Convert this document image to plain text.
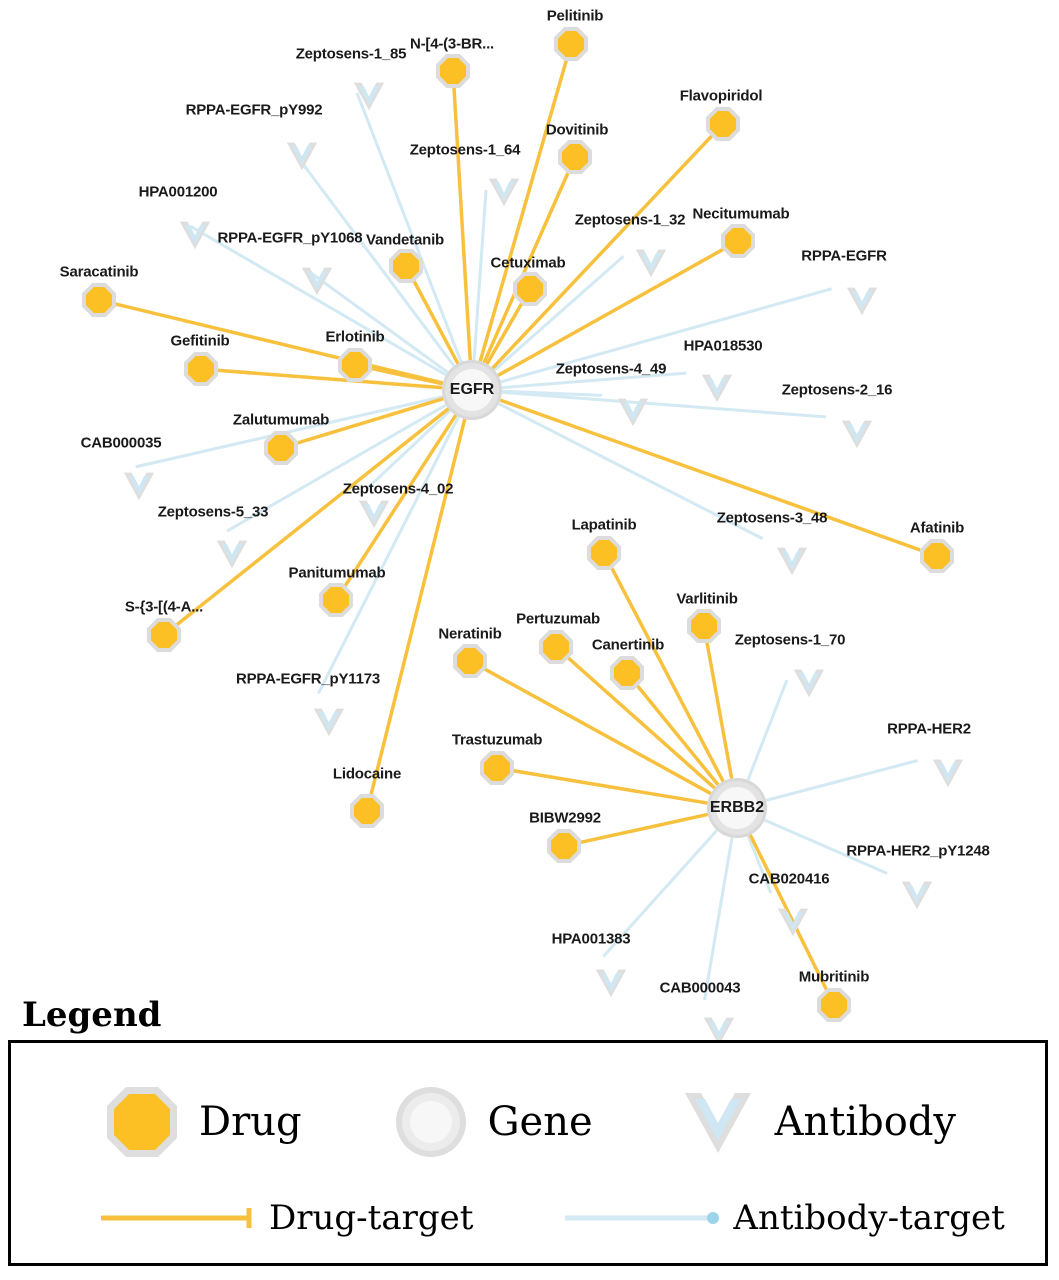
Zeptosens-1_85
RPPA-EGFR_pY992
Zeptosens-1_64
HPA001200
Zeptosens-1_32
RPPA-EGFR_pY1068
RPPA-EGFR
HPA018530
Zeptosens-4_49
Zeptosens-2_16
CAB000035
Zeptosens-4_02
Zeptosens-5_33	Zeptosens-3_48
Zeptosens-1_70
RPPA-EGFR_pY1173
RPPA-HER2
RPPA-HER2_pY1248
CAB020416
HPA001383
CAB000043
Pelitinib
N-[4-(3-BR...
Flavopiridol
Dovitinib
Necitumumab
Vandetanib
Cetuximab
Saracatinib
Gefitinib	Erlotinib
Zalutumumab
Lapatinib	Afatinib
Varlitinib
Panitumumab
S-{3-[(4-A...
Pertuzumab
Canertinib
Neratinib
Trastuzumab
Lidocaine
BIBW2992
Mubritinib
EGFR
ERBB2
Legend
Drug	Gene	Antibody
Drug-target	Antibody-target
